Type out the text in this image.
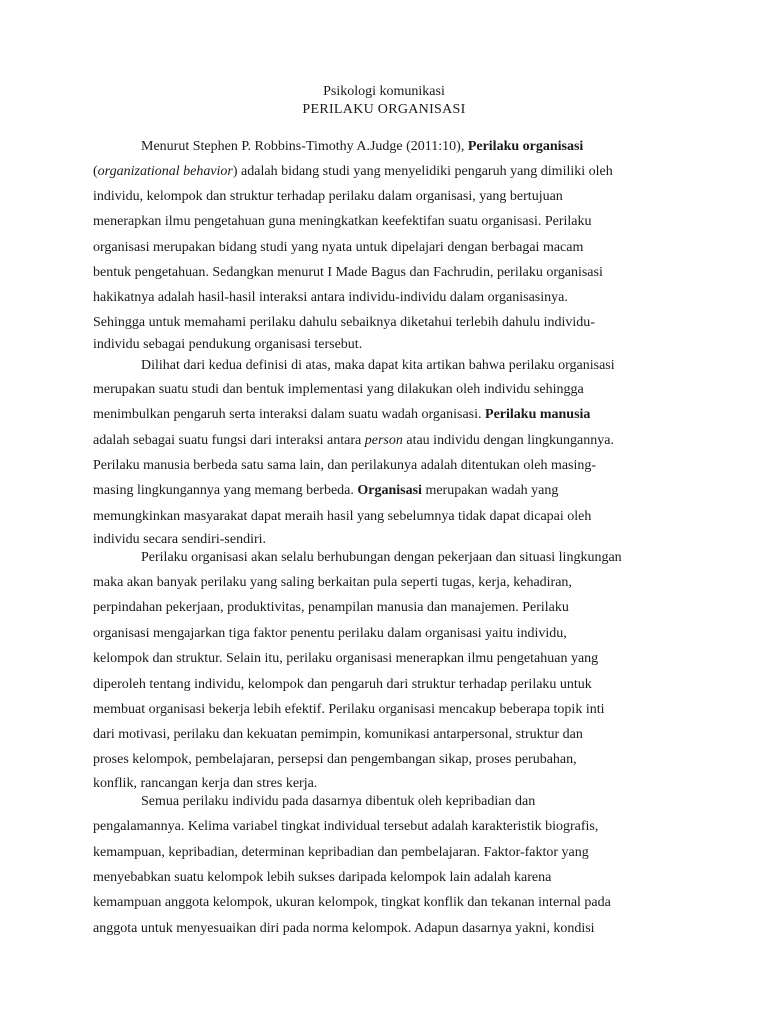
Psikologi komunikasi
PERILAKU ORGANISASI
Menurut Stephen P. Robbins-Timothy A.Judge (2011:10), Perilaku organisasi
(organizational behavior) adalah bidang studi yang menyelidiki pengaruh yang dimiliki oleh
individu, kelompok dan struktur terhadap perilaku dalam organisasi, yang bertujuan
menerapkan ilmu pengetahuan guna meningkatkan keefektifan suatu organisasi. Perilaku
organisasi merupakan bidang studi yang nyata untuk dipelajari dengan berbagai macam
bentuk pengetahuan. Sedangkan menurut I Made Bagus dan Fachrudin, perilaku organisasi
hakikatnya adalah hasil-hasil interaksi antara individu-individu dalam organisasinya.
Sehingga untuk memahami perilaku dahulu sebaiknya diketahui terlebih dahulu individu-
individu sebagai pendukung organisasi tersebut.
Dilihat dari kedua definisi di atas, maka dapat kita artikan bahwa perilaku organisasi
merupakan suatu studi dan bentuk implementasi yang dilakukan oleh individu sehingga
menimbulkan pengaruh serta interaksi dalam suatu wadah organisasi. Perilaku manusia
adalah sebagai suatu fungsi dari interaksi antara person atau individu dengan lingkungannya.
Perilaku manusia berbeda satu sama lain, dan perilakunya adalah ditentukan oleh masing-
masing lingkungannya yang memang berbeda. Organisasi merupakan wadah yang
memungkinkan masyarakat dapat meraih hasil yang sebelumnya tidak dapat dicapai oleh
individu secara sendiri-sendiri.
Perilaku organisasi akan selalu berhubungan dengan pekerjaan dan situasi lingkungan
maka akan banyak perilaku yang saling berkaitan pula seperti tugas, kerja, kehadiran,
perpindahan pekerjaan, produktivitas, penampilan manusia dan manajemen. Perilaku
organisasi mengajarkan tiga faktor penentu perilaku dalam organisasi yaitu individu,
kelompok dan struktur. Selain itu, perilaku organisasi menerapkan ilmu pengetahuan yang
diperoleh tentang individu, kelompok dan pengaruh dari struktur terhadap perilaku untuk
membuat organisasi bekerja lebih efektif. Perilaku organisasi mencakup beberapa topik inti
dari motivasi, perilaku dan kekuatan pemimpin, komunikasi antarpersonal, struktur dan
proses kelompok, pembelajaran, persepsi dan pengembangan sikap, proses perubahan,
konflik, rancangan kerja dan stres kerja.
Semua perilaku individu pada dasarnya dibentuk oleh kepribadian dan
pengalamannya. Kelima variabel tingkat individual tersebut adalah karakteristik biografis,
kemampuan, kepribadian, determinan kepribadian dan pembelajaran. Faktor-faktor yang
menyebabkan suatu kelompok lebih sukses daripada kelompok lain adalah karena
kemampuan anggota kelompok, ukuran kelompok, tingkat konflik dan tekanan internal pada
anggota untuk menyesuaikan diri pada norma kelompok. Adapun dasarnya yakni, kondisi
